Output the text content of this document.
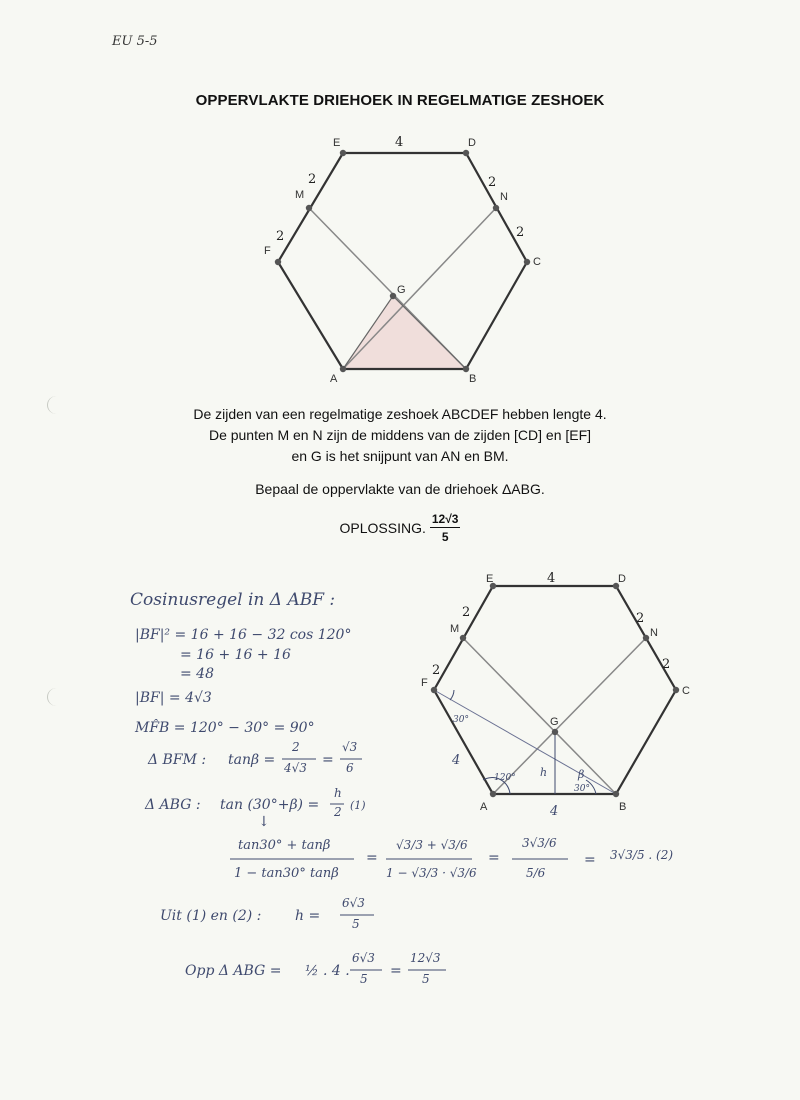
EU 5-5
OPPERVLAKTE DRIEHOEK IN REGELMATIGE ZESHOEK
A	B
C
D
E
F
M	N
G
4
2
2
2
2
De zijden van een regelmatige zeshoek ABCDEF hebben lengte 4.
De punten M en N zijn de middens van de zijden [CD] en [EF]
en G is het snijpunt van AN en BM.
Bepaal de oppervlakte van de driehoek ΔABG.
OPLOSSING. $\frac{12√3}{5}$
Cosinusregel in Δ ABF :
|BF|² = 16 + 16 − 32 cos 120°
= 16 + 16 + 16
= 48
|BF| = 4√3
MF̂B = 120° − 30° = 90°
Δ BFM : tanβ =
2
4√3 =
√3
6
Δ ABG : tan (30°+β) =
h
2 (1)
↓
tan30° + tanβ
1 − tan30° tanβ
=
√3/3 + √3/6
1 − √3/3 · √3/6
=
3√3/6
5/6
= 3√3/5 . (2)
Uit (1) en (2) : h =
6√3
5
Opp Δ ABG = ½ . 4 .
6√3
5 =
12√3
5
A	B
C
D
E
F
M	N
G
4
2
2
2
2
4
4
30°
120°
30°
β
h
